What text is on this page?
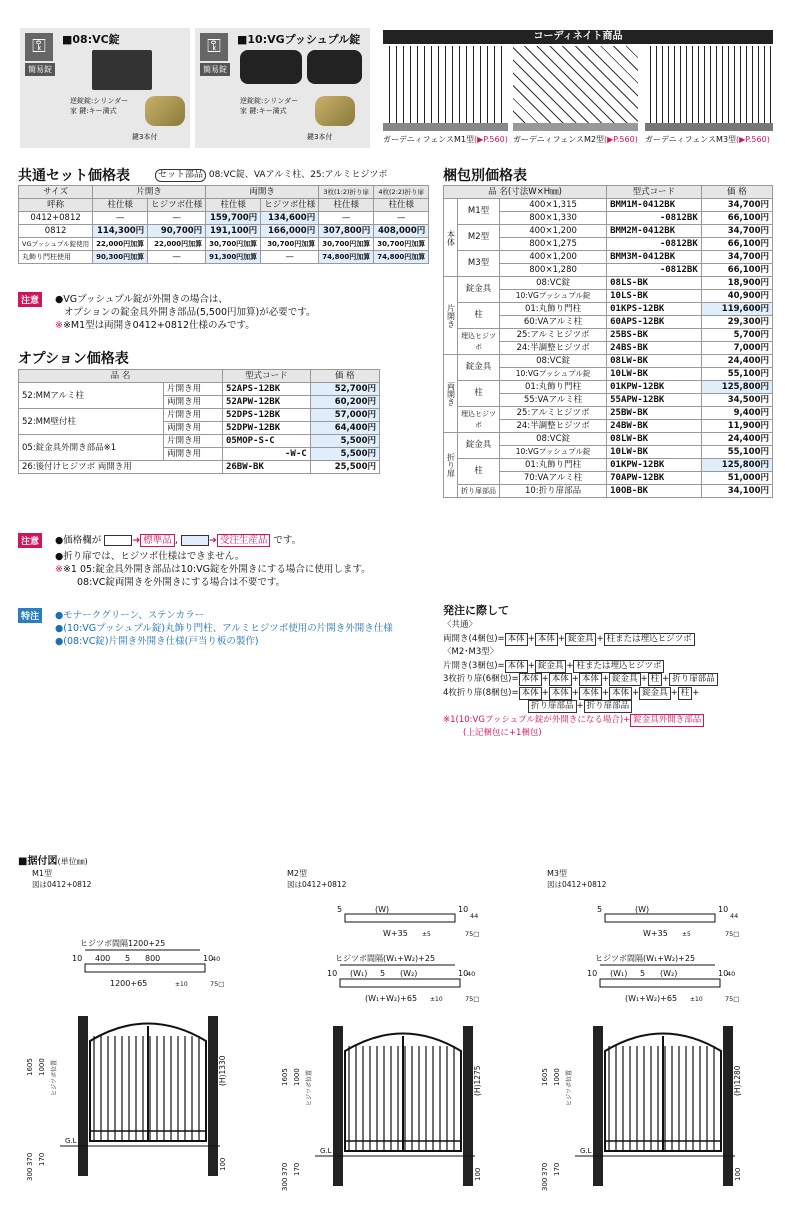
⚿
簡易錠
■08:VC錠
逆錠錠:シリンダー
家 鍵:キー満式
鍵3本付
⚿
簡易錠
■10:VGプッシュプル錠
逆錠錠:シリンダー
家 鍵:キー満式
鍵3本付
コーディネイト商品
ガーデニィフェンスM1型(▶P.560) ガーデニィフェンスM2型(▶P.560) ガーデニィフェンスM3型(▶P.560)
共通セット価格表	セット部品 08:VC錠、VAアルミ柱、25:アルミヒジツボ
サイズ	片開き		両開き		3枚(1:2)折り扉	4枚(2:2)折り扉
呼称	柱仕様	ヒジツボ仕様	柱仕様	ヒジツボ仕様	柱仕様	柱仕様
0412+0812	—	—	159,700円	134,600円	—	—
0812	114,300円	90,700円	191,100円	166,000円	307,800円	408,000円
VGプッシュプル錠使用	22,000円加算	22,000円加算	30,700円加算	30,700円加算	30,700円加算	30,700円加算
丸飾り門柱使用	90,300円加算	—	91,300円加算	—	74,800円加算	74,800円加算
注意	●VGプッシュプル錠が外開きの場合は、
オプションの錠金具外開き部品(5,500円加算)が必要です。
※※M1型は両開き0412+0812仕様のみです。
オプション価格表
品 名		型式コード	価 格
52:MMアルミ柱	片開き用	52APS-12BK	52,700円
	両開き用	52APW-12BK	60,200円
52:MM壁付柱	片開き用	52DPS-12BK	57,000円
	両開き用	52DPW-12BK	64,400円
05:錠金具外開き部品※1	片開き用	05MOP-S-C	5,500円
	両開き用	-W-C	5,500円
26:後付けヒジツボ 両開き用		26BW-BK	25,500円
注意	●価格欄が	➜ 標準品 ,	➜ 受注生産品 です。
●折り扉では、ヒジツボ仕様はできません。
※※1 05:錠金具外開き部品は10:VG錠を外開きにする場合に使用します。
08:VC錠両開きを外開きにする場合は不要です。
特注	●モナークグリーン、ステンカラー
●(10:VGプッシュプル錠)丸飾り門柱、アルミヒジツボ使用の片開き外開き仕様
●(08:VC錠)片開き外開き仕様(戸当り板の製作)
梱包別価格表
品 名(寸法W×H㎜)			型式コード	価 格
本体	M1型	400×1,315	BMM1M-0412BK	34,700円
		800×1,330	-0812BK	66,100円
	M2型	400×1,200	BMM2M-0412BK	34,700円
		800×1,275	-0812BK	66,100円
	M3型	400×1,200	BMM3M-0412BK	34,700円
		800×1,280	-0812BK	66,100円
片開き	錠金具	08:VC錠	08LS-BK	18,900円
		10:VGプッシュプル錠	10LS-BK	40,900円
	柱	01:丸飾り門柱	01KPS-12BK	119,600円
		60:VAアルミ柱	60APS-12BK	29,300円
	埋込ヒジツボ	25:アルミヒジツボ	25BS-BK	5,700円
		24:半調整ヒジツボ	24BS-BK	7,000円
両開き	錠金具	08:VC錠	08LW-BK	24,400円
		10:VGプッシュプル錠	10LW-BK	55,100円
	柱	01:丸飾り門柱	01KPW-12BK	125,800円
		55:VAアルミ柱	55APW-12BK	34,500円
	埋込ヒジツボ	25:アルミヒジツボ	25BW-BK	9,400円
		24:半調整ヒジツボ	24BW-BK	11,900円
折り扉	錠金具	08:VC錠	08LW-BK	24,400円
		10:VGプッシュプル錠	10LW-BK	55,100円
	柱	01:丸飾り門柱	01KPW-12BK	125,800円
		70:VAアルミ柱	70APW-12BK	51,000円
	折り扉部品	10:折り扉部品	10OB-BK	34,100円
発注に際して
〈共通〉
両開き(4梱包)= 本体 + 本体 + 錠金具 + 柱または埋込ヒジツボ
〈M2･M3型〉
片開き(3梱包)= 本体 + 錠金具 + 柱または埋込ヒジツボ
3枚折り扉(6梱包)= 本体 + 本体 + 本体 + 錠金具 + 柱 + 折り扉部品
4枚折り扉(8梱包)= 本体 + 本体 + 本体 + 本体 + 錠金具 + 柱 +
折り扉部品 + 折り扉部品
※1(10:VGプッシュプル錠が外開きになる場合)+ 錠金具外開き部品
(上記梱包に+1梱包)
■据付図(単位㎜)
M1型
図は0412+0812
ヒジツボ間隔1200+25
10 400 5 800	10
40
1200+65	±10	75□
G.L
(H)1330
1605 1000
370
300
170	100
ヒジツボ位置
M2型
図は0412+0812
(W)
W+35 ±5
10
5
75□
44
ヒジツボ間隔(W₁+W₂)+25
10 (W₁) 5 (W₂)	10
40
(W₁+W₂)+65 ±10	75□
G.L
(H)1275
1605 1000
370
300
170	100
ヒジツボ位置
M3型
図は0412+0812
(W)
W+35 ±5
10
5
75□
44
ヒジツボ間隔(W₁+W₂)+25
10 (W₁) 5 (W₂)	10
40
(W₁+W₂)+65 ±10	75□
G.L
(H)1280
1605 1000
370
300
170	100
ヒジツボ位置
